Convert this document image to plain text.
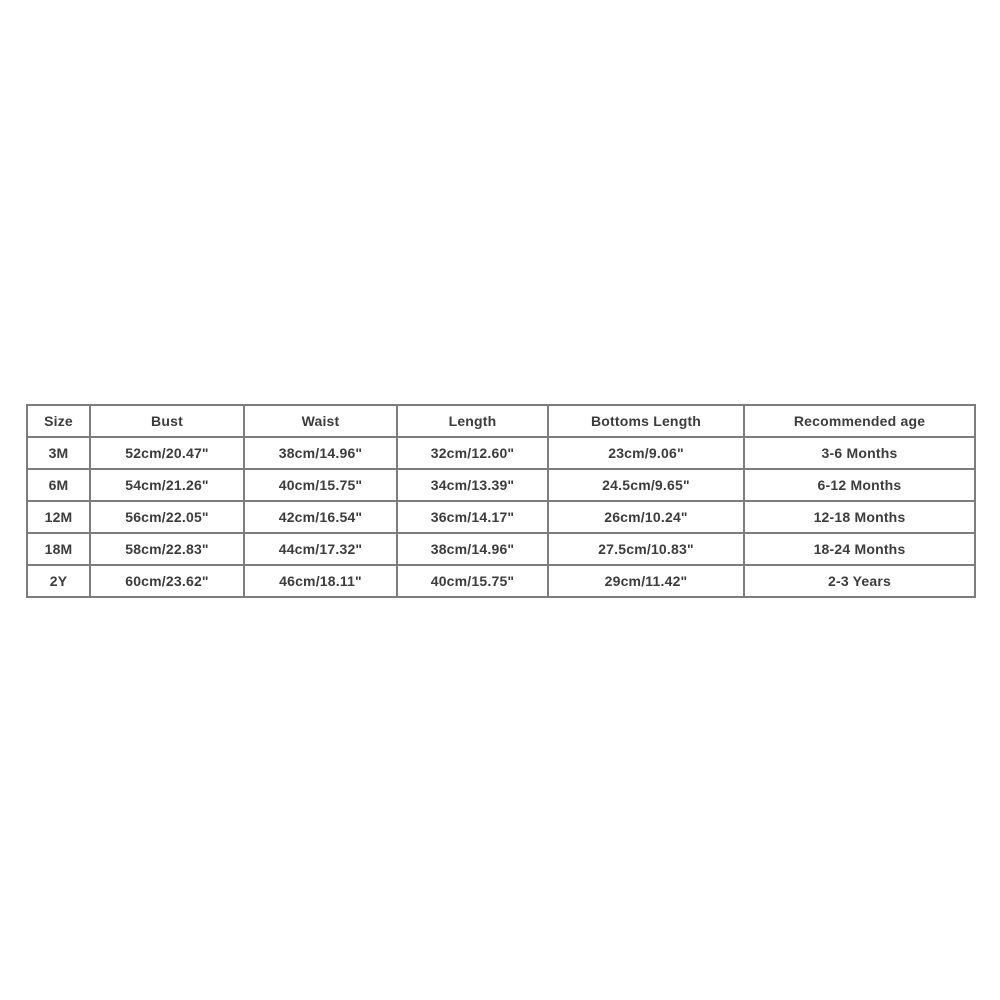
Size	Bust	Waist	Length	Bottoms Length	Recommended age
3M	52cm/20.47"	38cm/14.96"	32cm/12.60"	23cm/9.06"	3-6 Months
6M	54cm/21.26"	40cm/15.75"	34cm/13.39"	24.5cm/9.65"	6-12 Months
12M	56cm/22.05"	42cm/16.54"	36cm/14.17"	26cm/10.24"	12-18 Months
18M	58cm/22.83"	44cm/17.32"	38cm/14.96"	27.5cm/10.83"	18-24 Months
2Y	60cm/23.62"	46cm/18.11"	40cm/15.75"	29cm/11.42"	2-3 Years
